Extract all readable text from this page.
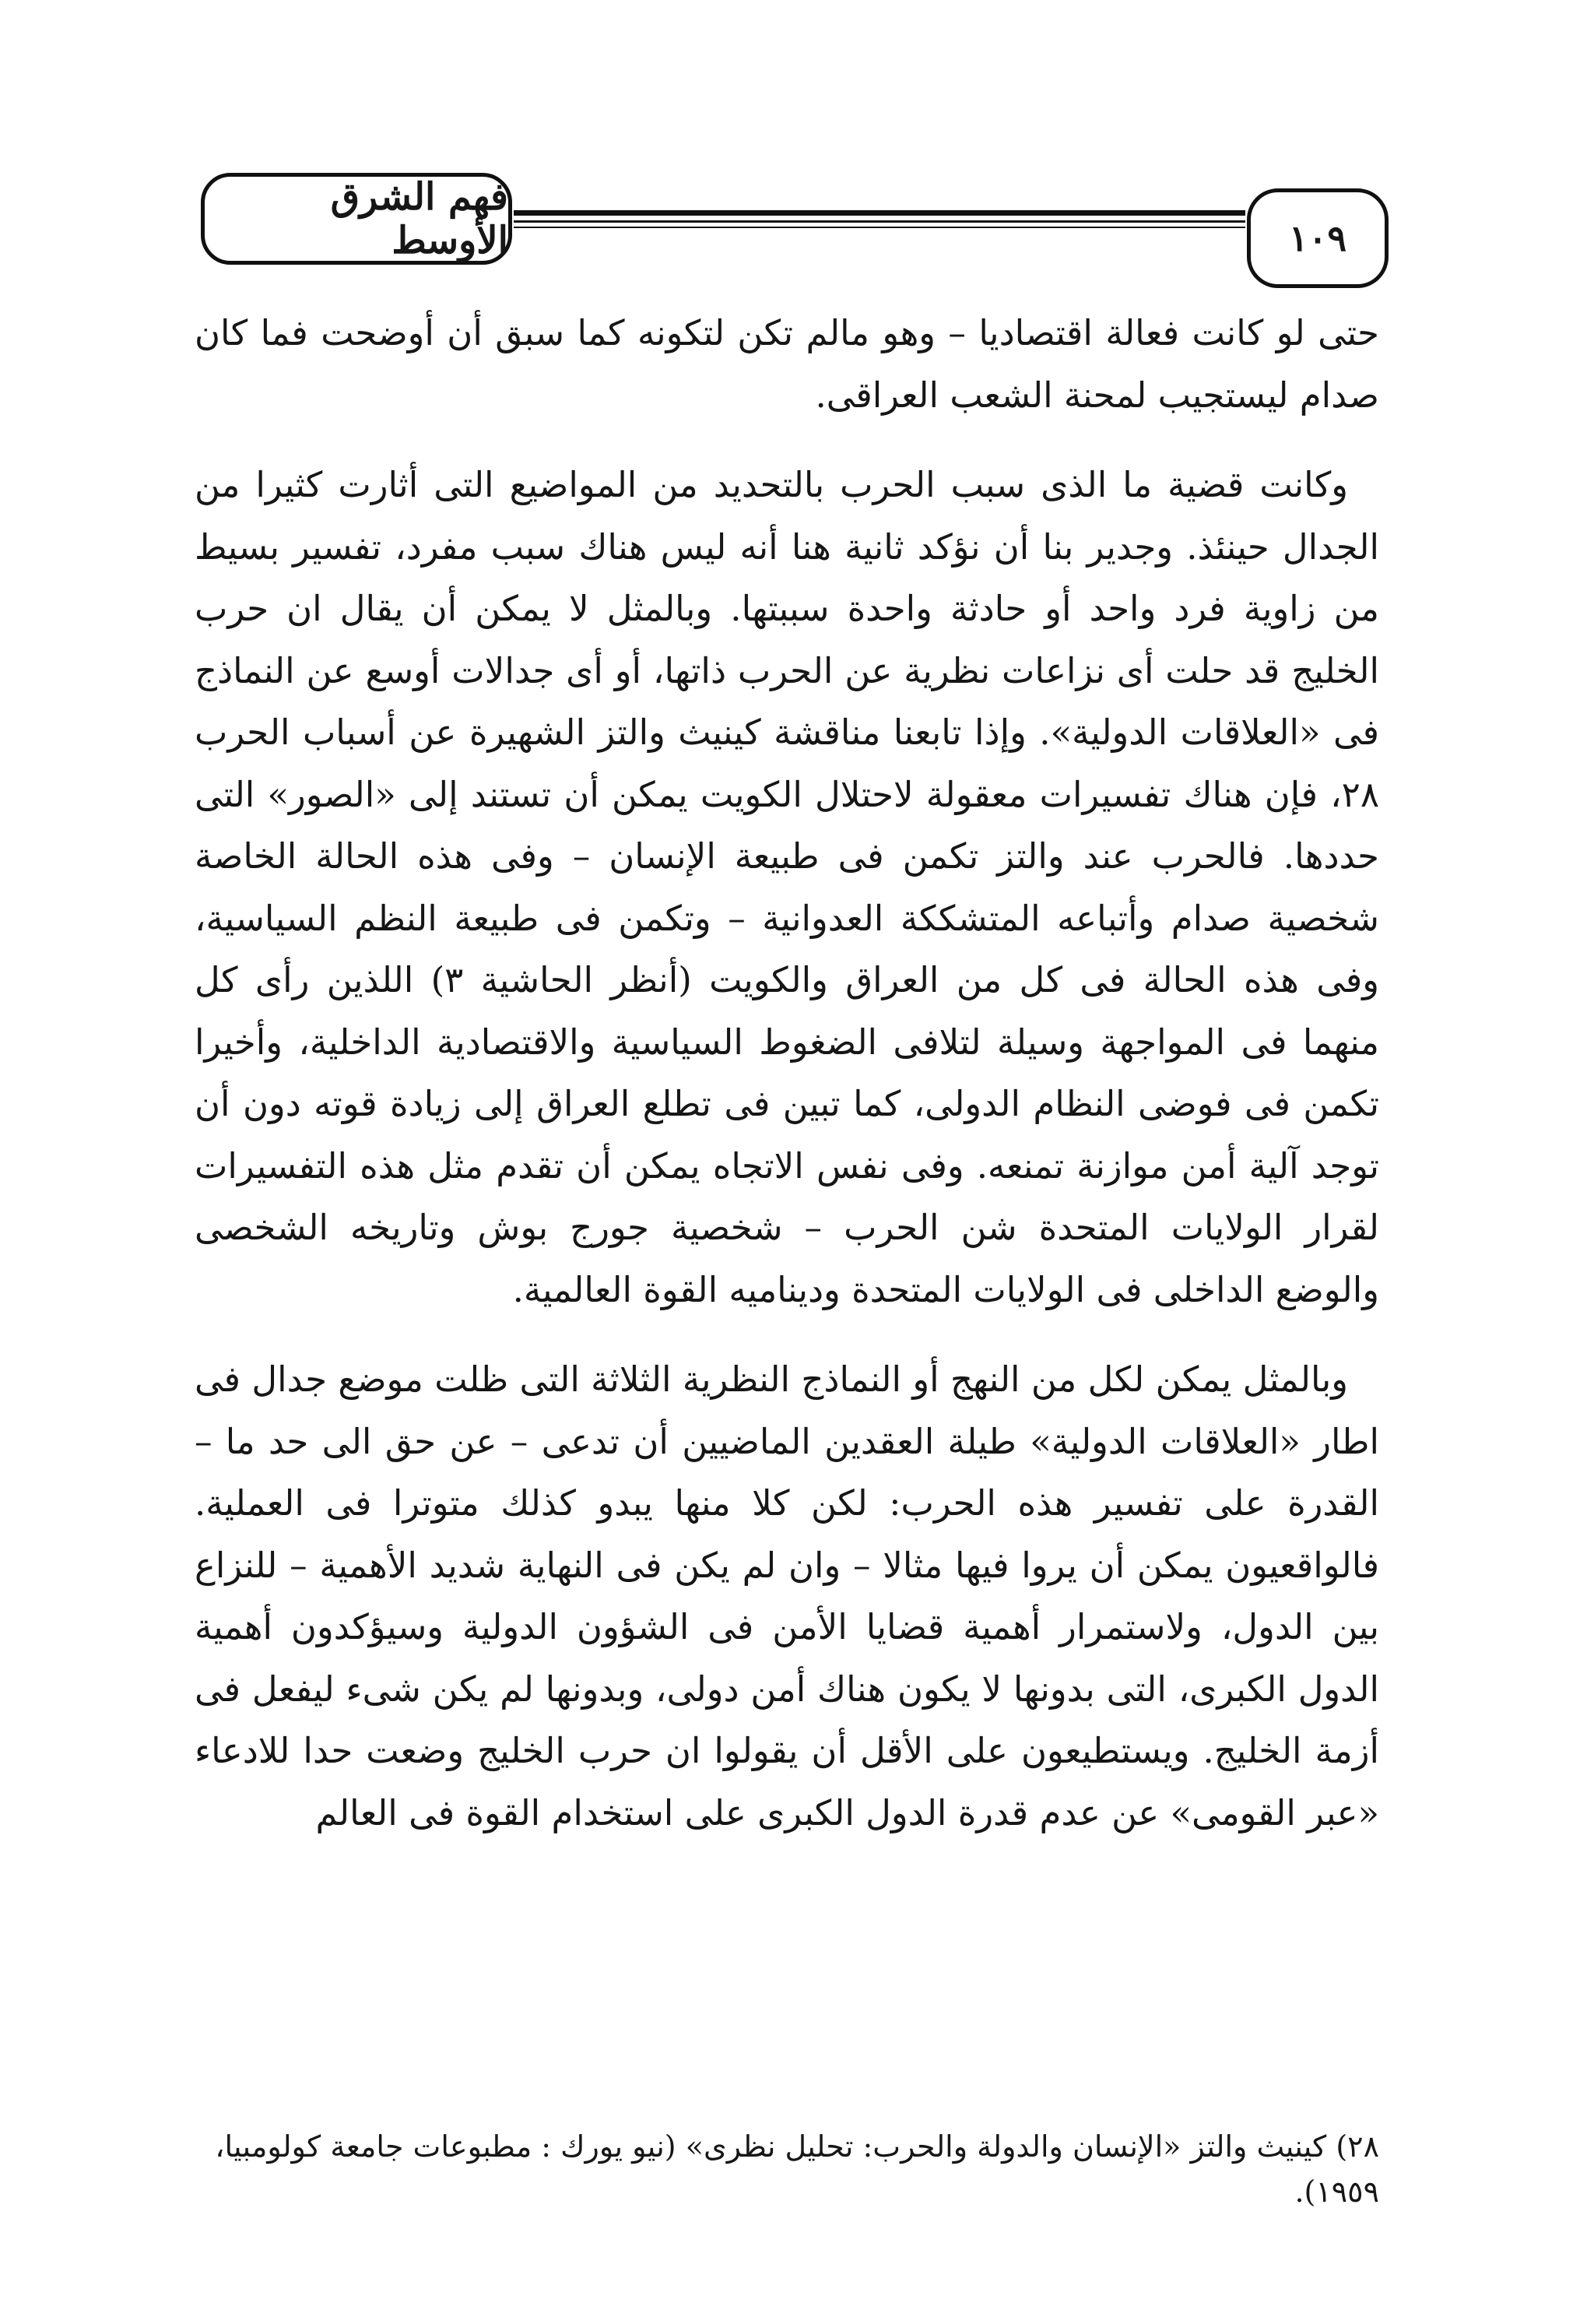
فهم الشرق الأوسط	١٠٩

حتى لو كانت فعالة اقتصاديا – وهو مالم تكن لتكونه كما سبق أن أوضحت فما كان صدام ليستجيب لمحنة الشعب العراقى.

وكانت قضية ما الذى سبب الحرب بالتحديد من المواضيع التى أثارت كثيرا من الجدال حينئذ. وجدير بنا أن نؤكد ثانية هنا أنه ليس هناك سبب مفرد، تفسير بسيط من زاوية فرد واحد أو حادثة واحدة سببتها. وبالمثل لا يمكن أن يقال ان حرب الخليج قد حلت أى نزاعات نظرية عن الحرب ذاتها، أو أى جدالات أوسع عن النماذج فى «العلاقات الدولية». وإذا تابعنا مناقشة كينيث والتز الشهيرة عن أسباب الحرب ٢٨، فإن هناك تفسيرات معقولة لاحتلال الكويت يمكن أن تستند إلى «الصور» التى حددها. فالحرب عند والتز تكمن فى طبيعة الإنسان – وفى هذه الحالة الخاصة شخصية صدام وأتباعه المتشككة العدوانية – وتكمن فى طبيعة النظم السياسية، وفى هذه الحالة فى كل من العراق والكويت (أنظر الحاشية ٣) اللذين رأى كل منهما فى المواجهة وسيلة لتلافى الضغوط السياسية والاقتصادية الداخلية، وأخيرا تكمن فى فوضى النظام الدولى، كما تبين فى تطلع العراق إلى زيادة قوته دون أن توجد آلية أمن موازنة تمنعه. وفى نفس الاتجاه يمكن أن تقدم مثل هذه التفسيرات لقرار الولايات المتحدة شن الحرب – شخصية جورج بوش وتاريخه الشخصى والوضع الداخلى فى الولايات المتحدة وديناميه القوة العالمية.

وبالمثل يمكن لكل من النهج أو النماذج النظرية الثلاثة التى ظلت موضع جدال فى اطار «العلاقات الدولية» طيلة العقدين الماضيين أن تدعى – عن حق الى حد ما – القدرة على تفسير هذه الحرب: لكن كلا منها يبدو كذلك متوترا فى العملية. فالواقعيون يمكن أن يروا فيها مثالا – وان لم يكن فى النهاية شديد الأهمية – للنزاع بين الدول، ولاستمرار أهمية قضايا الأمن فى الشؤون الدولية وسيؤكدون أهمية الدول الكبرى، التى بدونها لا يكون هناك أمن دولى، وبدونها لم يكن شىء ليفعل فى أزمة الخليج. ويستطيعون على الأقل أن يقولوا ان حرب الخليج وضعت حدا للادعاء «عبر القومى» عن عدم قدرة الدول الكبرى على استخدام القوة فى العالم

٢٨) كينيث والتز «الإنسان والدولة والحرب: تحليل نظرى» (نيو يورك : مطبوعات جامعة كولومبيا،

١٩٥٩).
